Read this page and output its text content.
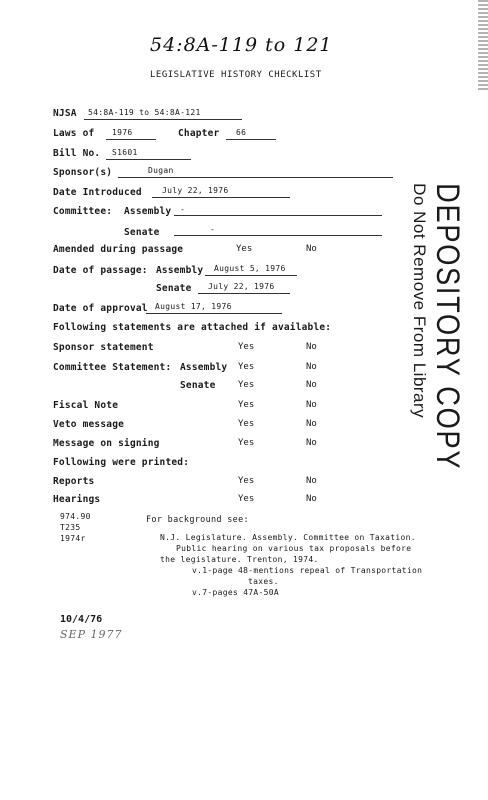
54:8A-119 to 121
LEGISLATIVE HISTORY CHECKLIST
NJSA 54:8A-119 to 54:8A-121
Laws of 1976	Chapter 66
Bill No. S1601
Sponsor(s)	Dugan
Date Introduced	July 22, 1976
Committee: Assembly -
Senate	-
Amended during passage	Yes	No
Date of passage: Assembly August 5, 1976
Senate July 22, 1976
Date of approval August 17, 1976
Following statements are attached if available:
Sponsor statement	Yes	No
Committee Statement: Assembly Yes	No
Senate Yes	No
Fiscal Note	Yes	No
Veto message	Yes	No
Message on signing	Yes	No
Following were printed:
Reports	Yes	No
Hearings	Yes	No
974.90
T235
1974r
For background see:
N.J. Legislature. Assembly. Committee on Taxation.
Public hearing on various tax proposals before
the legislature. Trenton, 1974.
v.1-page 48-mentions repeal of Transportation
taxes.
v.7-pages 47A-50A
10/4/76
SEP 1977
DEPOSITORY COPY
Do Not Remove From Library
